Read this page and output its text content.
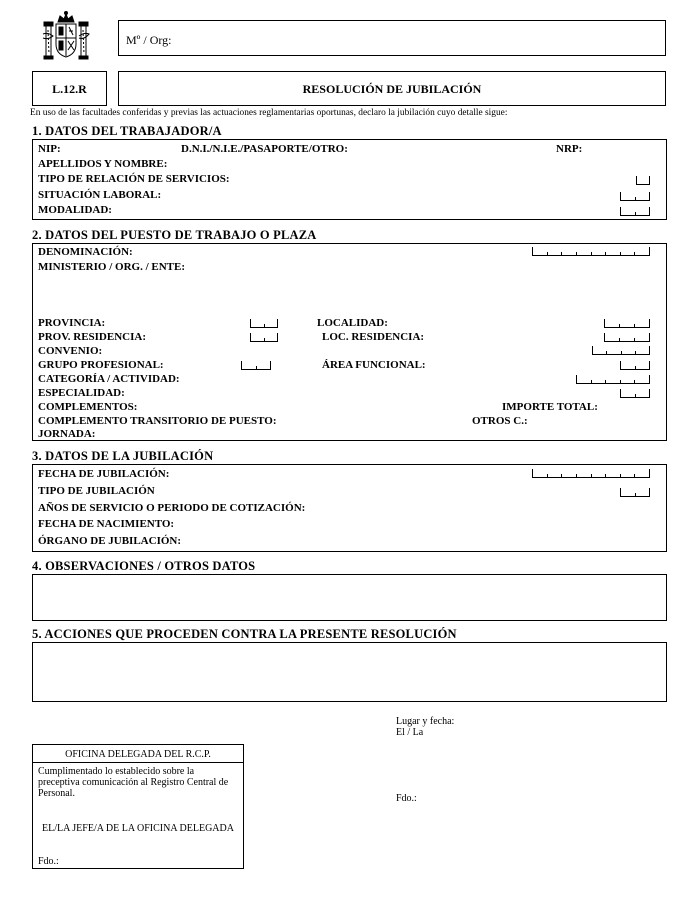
Mº / Org:
L.12.R	RESOLUCIÓN DE JUBILACIÓN
En uso de las facultades conferidas y previas las actuaciones reglamentarias oportunas, declaro la jubilación cuyo detalle sigue:
1. DATOS DEL TRABAJADOR/A
NIP:	D.N.I./N.I.E./PASAPORTE/OTRO:	NRP:
APELLIDOS Y NOMBRE:
TIPO DE RELACIÓN DE SERVICIOS:
SITUACIÓN LABORAL:
MODALIDAD:
2. DATOS DEL PUESTO DE TRABAJO O PLAZA
DENOMINACIÓN:
MINISTERIO / ORG. / ENTE:
PROVINCIA:	LOCALIDAD:
PROV. RESIDENCIA:	LOC. RESIDENCIA:
CONVENIO:
GRUPO PROFESIONAL:	ÁREA FUNCIONAL:
CATEGORÍA / ACTIVIDAD:
ESPECIALIDAD:
COMPLEMENTOS:	IMPORTE TOTAL:
COMPLEMENTO TRANSITORIO DE PUESTO:	OTROS C.:
JORNADA:
3. DATOS DE LA JUBILACIÓN
FECHA DE JUBILACIÓN:
TIPO DE JUBILACIÓN
AÑOS DE SERVICIO O PERIODO DE COTIZACIÓN:
FECHA DE NACIMIENTO:
ÓRGANO DE JUBILACIÓN:
4. OBSERVACIONES / OTROS DATOS
5. ACCIONES QUE PROCEDEN CONTRA LA PRESENTE RESOLUCIÓN
Lugar y fecha:
El / La
Fdo.:
OFICINA DELEGADA DEL R.C.P.
Cumplimentado lo establecido sobre la preceptiva comunicación al Registro Central de Personal.
EL/LA JEFE/A DE LA OFICINA DELEGADA
Fdo.:
